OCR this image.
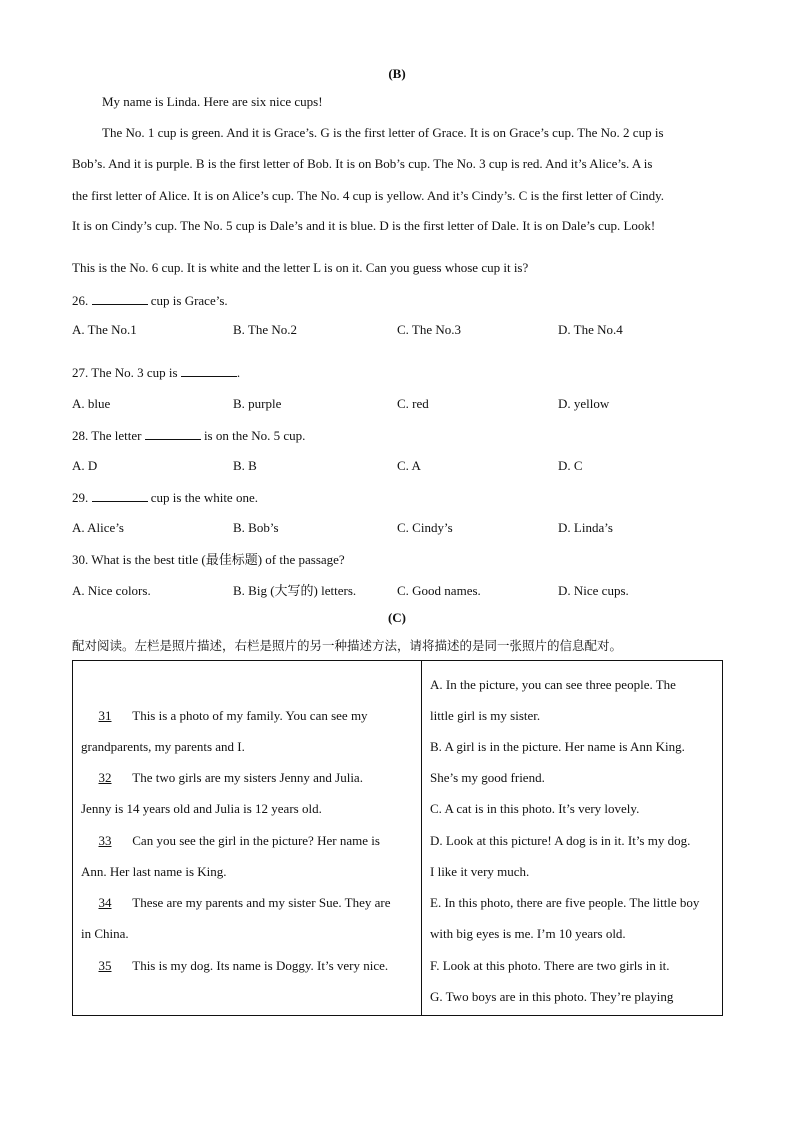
(B)
My name is Linda. Here are six nice cups!
The No. 1 cup is green. And it is Grace’s. G is the first letter of Grace. It is on Grace’s cup. The No. 2 cup is
Bob’s. And it is purple. B is the first letter of Bob. It is on Bob’s cup. The No. 3 cup is red. And it’s Alice’s. A is
the first letter of Alice. It is on Alice’s cup. The No. 4 cup is yellow. And it’s Cindy’s. C is the first letter of Cindy.
It is on Cindy’s cup. The No. 5 cup is Dale’s and it is blue. D is the first letter of Dale. It is on Dale’s cup. Look!
This is the No. 6 cup. It is white and the letter L is on it. Can you guess whose cup it is?
26.	cup is Grace’s.
A. The No.1	B. The No.2	C. The No.3	D. The No.4
27. The No. 3 cup is	.
A. blue	B. purple	C. red	D. yellow
28. The letter	is on the No. 5 cup.
A. D	B. B	C. A	D. C
29.	cup is the white one.
A. Alice’s	B. Bob’s	C. Cindy’s	D. Linda’s
30. What is the best title (最佳标题) of the passage?
A. Nice colors.	B. Big (大写的) letters.	C. Good names.	D. Nice cups.
(C)
配对阅读。左栏是照片描述，右栏是照片的另一种描述方法，请将描述的是同一张照片的信息配对。
31 This is a photo of my family. You can see my
grandparents, my parents and I.
32 The two girls are my sisters Jenny and Julia.
Jenny is 14 years old and Julia is 12 years old.
33 Can you see the girl in the picture? Her name is
Ann. Her last name is King.
34 These are my parents and my sister Sue. They are
in China.
35 This is my dog. Its name is Doggy. It’s very nice.

A. In the picture, you can see three people. The
little girl is my sister.
B. A girl is in the picture. Her name is Ann King.
She’s my good friend.
C. A cat is in this photo. It’s very lovely.
D. Look at this picture! A dog is in it. It’s my dog.
I like it very much.
E. In this photo, there are five people. The little boy
with big eyes is me. I’m 10 years old.
F. Look at this photo. There are two girls in it.
G. Two boys are in this photo. They’re playing
